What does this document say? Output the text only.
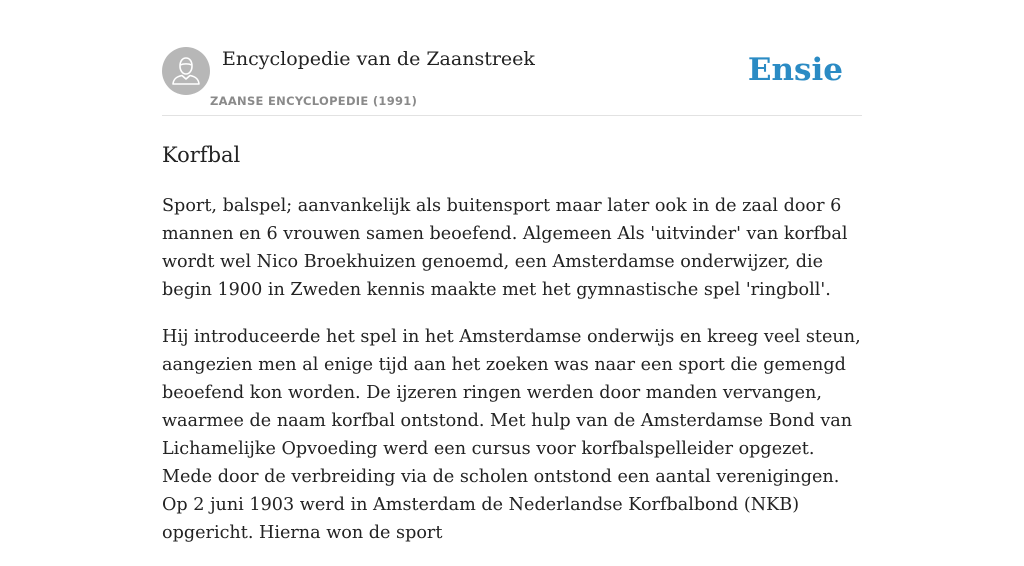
Encyclopedie van de Zaanstreek
ZAANSE ENCYCLOPEDIE (1991)
Ensie
Korfbal

Sport, balspel; aanvankelijk als buitensport maar later ook in de zaal door 6 mannen en 6 vrouwen samen beoefend. Algemeen Als 'uitvinder' van korfbal wordt wel Nico Broekhuizen genoemd, een Amsterdamse onderwijzer, die begin 1900 in Zweden kennis maakte met het gymnastische spel 'ringboll'.

Hij introduceerde het spel in het Amsterdamse onderwijs en kreeg veel steun, aangezien men al enige tijd aan het zoeken was naar een sport die gemengd beoefend kon worden. De ijzeren ringen werden door manden vervangen, waarmee de naam korfbal ontstond. Met hulp van de Amsterdamse Bond van Lichamelijke Opvoeding werd een cursus voor korfbalspelleider opgezet. Mede door de verbreiding via de scholen ontstond een aantal verenigingen. Op 2 juni 1903 werd in Amsterdam de Nederlandse Korfbalbond (NKB) opgericht. Hierna won de sport
